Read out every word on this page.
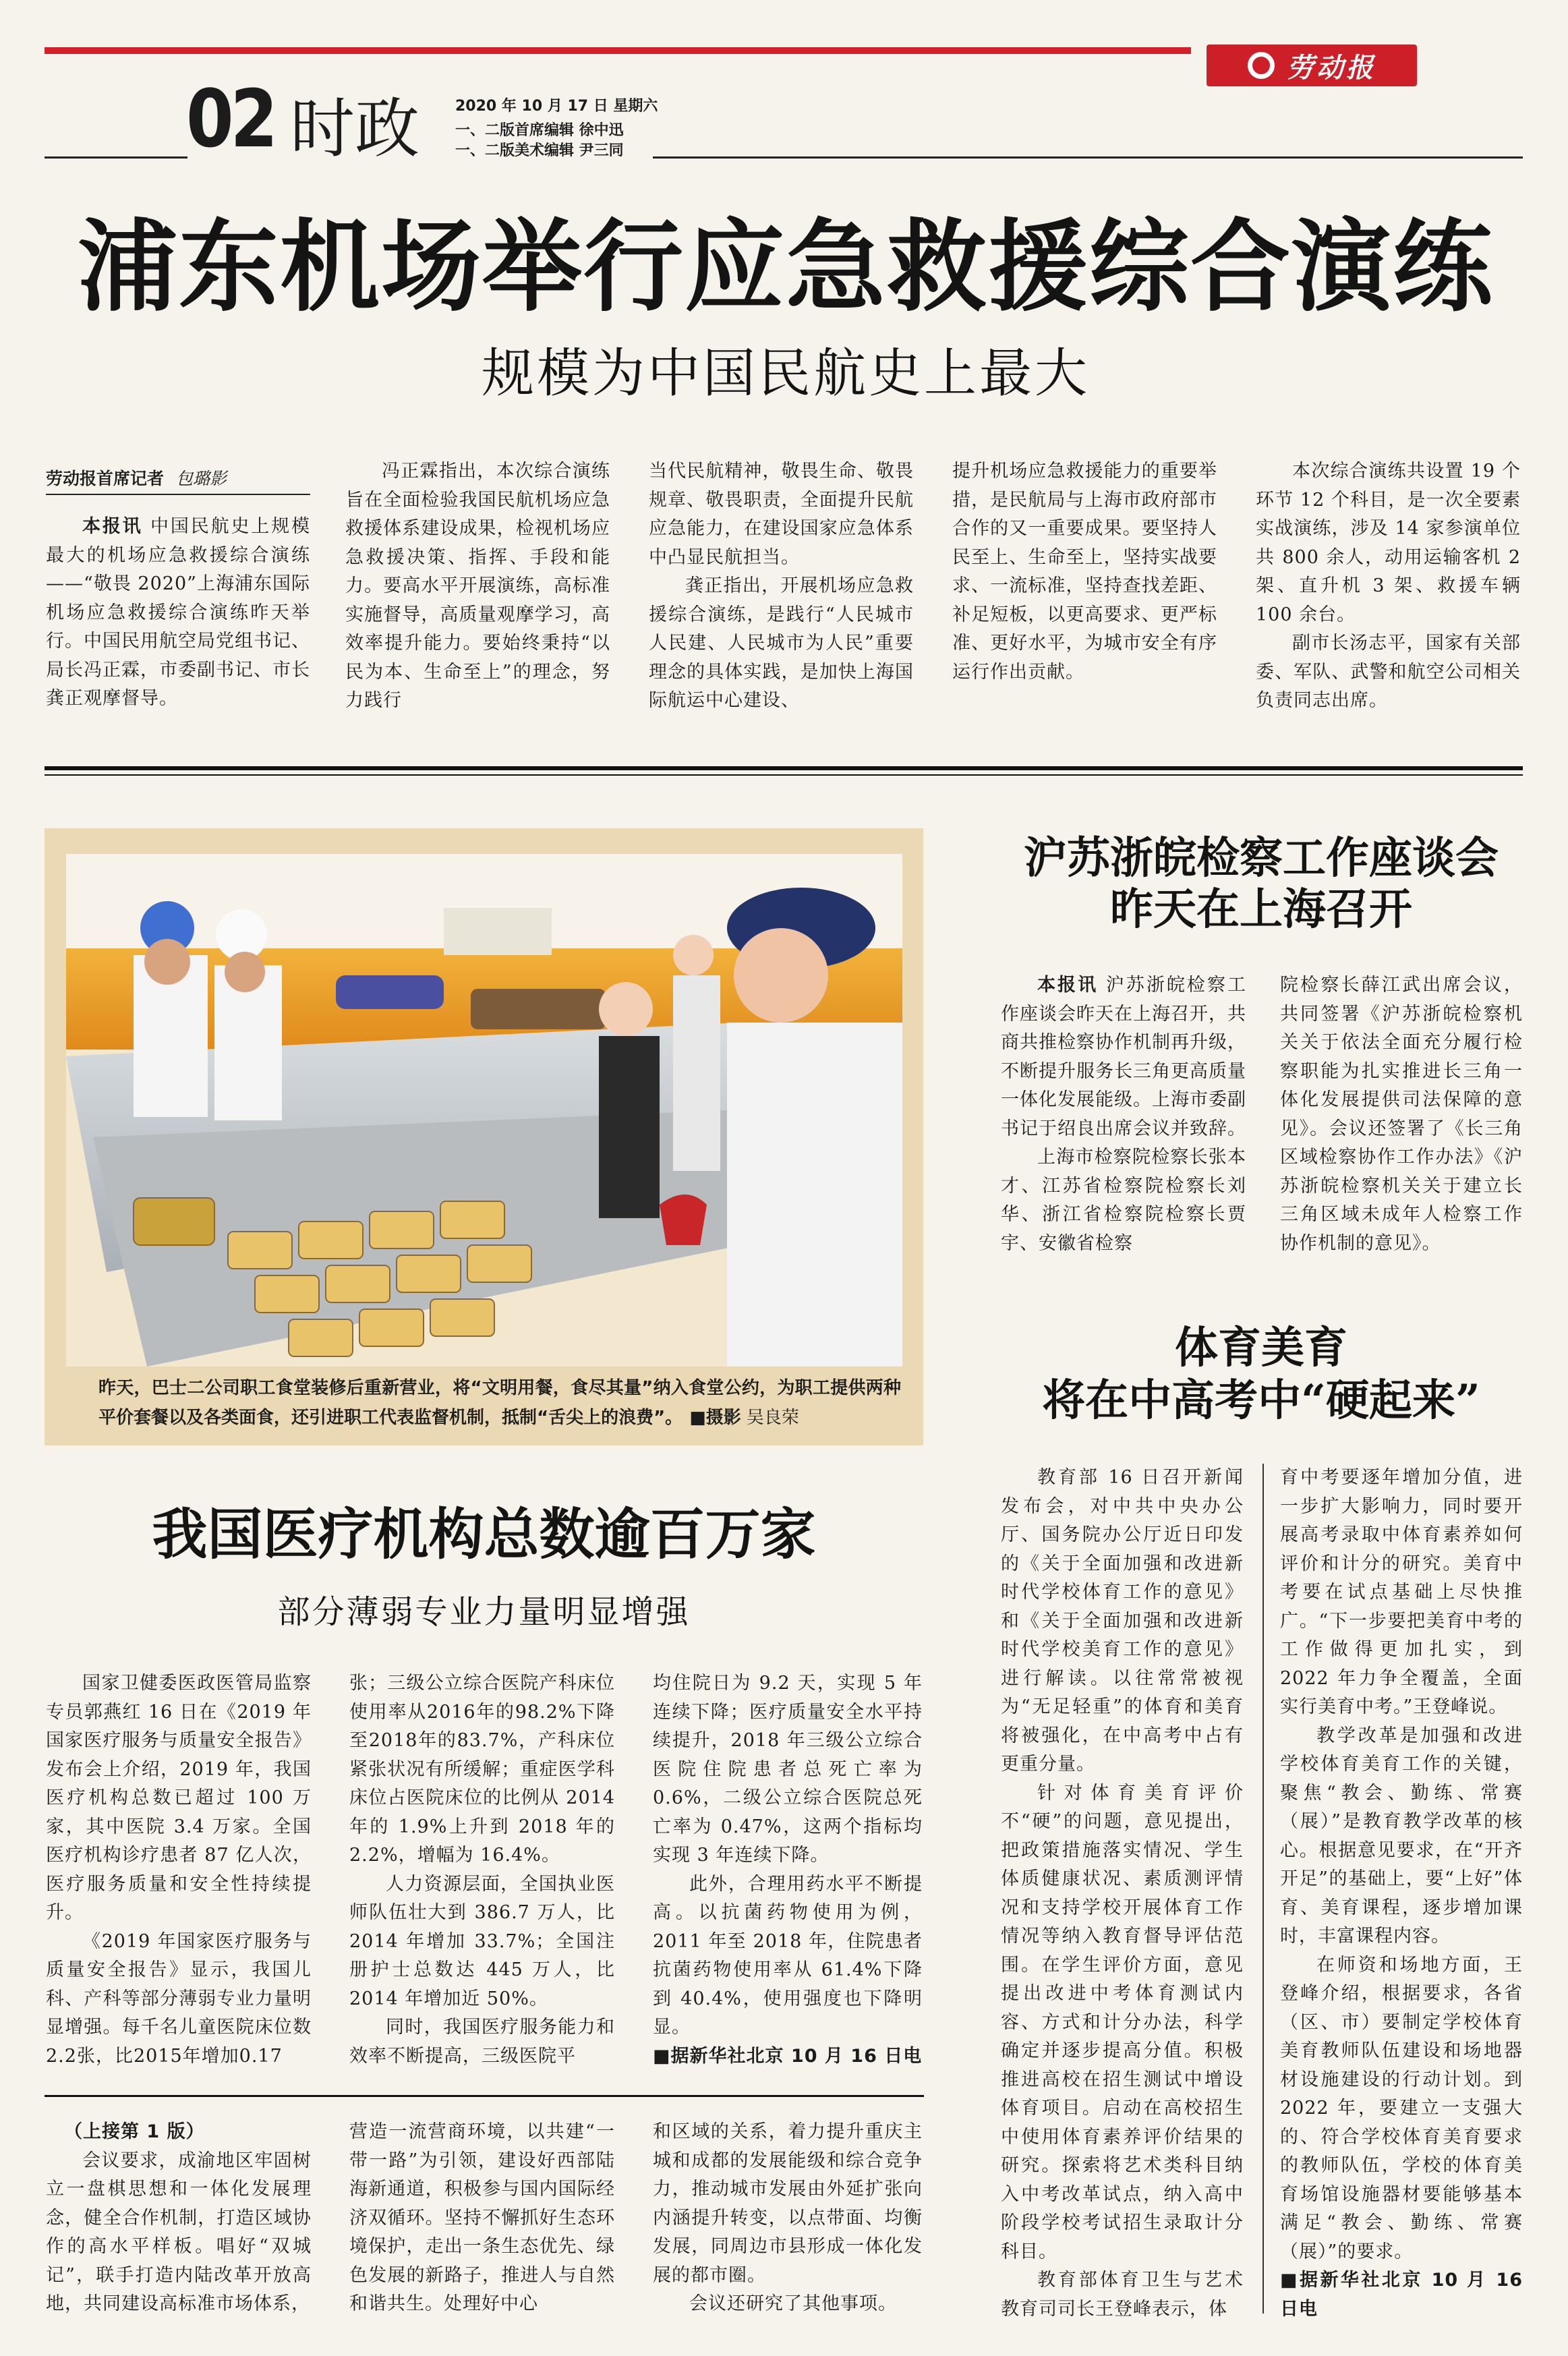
劳动报
02 时政 2020 年 10 月 17 日 星期六
一、二版首席编辑 徐中迅
一、二版美术编辑 尹三同
浦东机场举行应急救援综合演练
规模为中国民航史上最大
劳动报首席记者 包璐影

本报讯 中国民航史上规模最大的机场应急救援综合演练——“敬畏 2020”上海浦东国际机场应急救援综合演练昨天举行。中国民用航空局党组书记、局长冯正霖，市委副书记、市长龚正观摩督导。

冯正霖指出，本次综合演练旨在全面检验我国民航机场应急救援体系建设成果，检视机场应急救援决策、指挥、手段和能力。要高水平开展演练，高标准实施督导，高质量观摩学习，高效率提升能力。要始终秉持“以民为本、生命至上”的理念，努力践行

当代民航精神，敬畏生命、敬畏规章、敬畏职责，全面提升民航应急能力，在建设国家应急体系中凸显民航担当。

龚正指出，开展机场应急救援综合演练，是践行“人民城市人民建、人民城市为人民”重要理念的具体实践，是加快上海国际航运中心建设、

提升机场应急救援能力的重要举措，是民航局与上海市政府部市合作的又一重要成果。要坚持人民至上、生命至上，坚持实战要求、一流标准，坚持查找差距、补足短板，以更高要求、更严标准、更好水平，为城市安全有序运行作出贡献。

本次综合演练共设置 19 个环节 12 个科目，是一次全要素实战演练，涉及 14 家参演单位共 800 余人，动用运输客机 2 架、直升机 3 架、救援车辆 100 余台。

副市长汤志平，国家有关部委、军队、武警和航空公司相关负责同志出席。

昨天，巴士二公司职工食堂装修后重新营业，将“文明用餐，食尽其量”纳入食堂公约，为职工提供两种平价套餐以及各类面食，还引进职工代表监督机制，抵制“舌尖上的浪费”。 ■摄影 吴良荣
沪苏浙皖检察工作座谈会
昨天在上海召开

本报讯 沪苏浙皖检察工作座谈会昨天在上海召开，共商共推检察协作机制再升级，不断提升服务长三角更高质量一体化发展能级。上海市委副书记于绍良出席会议并致辞。

上海市检察院检察长张本才、江苏省检察院检察长刘华、浙江省检察院检察长贾宇、安徽省检察

院检察长薛江武出席会议，共同签署《沪苏浙皖检察机关关于依法全面充分履行检察职能为扎实推进长三角一体化发展提供司法保障的意见》。会议还签署了《长三角区域检察协作工作办法》《沪苏浙皖检察机关关于建立长三角区域未成年人检察工作协作机制的意见》。

体育美育
将在中高考中“硬起来”

教育部 16 日召开新闻发布会，对中共中央办公厅、国务院办公厅近日印发的《关于全面加强和改进新时代学校体育工作的意见》和《关于全面加强和改进新时代学校美育工作的意见》进行解读。以往常常被视为“无足轻重”的体育和美育将被强化，在中高考中占有更重分量。

针对体育美育评价不“硬”的问题，意见提出，把政策措施落实情况、学生体质健康状况、素质测评情况和支持学校开展体育工作情况等纳入教育督导评估范围。在学生评价方面，意见提出改进中考体育测试内容、方式和计分办法，科学确定并逐步提高分值。积极推进高校在招生测试中增设体育项目。启动在高校招生中使用体育素养评价结果的研究。探索将艺术类科目纳入中考改革试点，纳入高中阶段学校考试招生录取计分科目。

教育部体育卫生与艺术教育司司长王登峰表示，体

育中考要逐年增加分值，进一步扩大影响力，同时要开展高考录取中体育素养如何评价和计分的研究。美育中考要在试点基础上尽快推广。“下一步要把美育中考的工作做得更加扎实，到 2022 年力争全覆盖，全面实行美育中考。”王登峰说。

教学改革是加强和改进学校体育美育工作的关键，聚焦“教会、勤练、常赛（展）”是教育教学改革的核心。根据意见要求，在“开齐开足”的基础上，要“上好”体育、美育课程，逐步增加课时，丰富课程内容。

在师资和场地方面，王登峰介绍，根据要求，各省（区、市）要制定学校体育美育教师队伍建设和场地器材设施建设的行动计划。到 2022 年，要建立一支强大的、符合学校体育美育要求的教师队伍，学校的体育美育场馆设施器材要能够基本满足“教会、勤练、常赛（展）”的要求。

■据新华社北京 10 月 16 日电

我国医疗机构总数逾百万家
部分薄弱专业力量明显增强

国家卫健委医政医管局监察专员郭燕红 16 日在《2019 年国家医疗服务与质量安全报告》发布会上介绍，2019 年，我国医疗机构总数已超过 100 万家，其中医院 3.4 万家。全国医疗机构诊疗患者 87 亿人次，医疗服务质量和安全性持续提升。

《2019 年国家医疗服务与质量安全报告》显示，我国儿科、产科等部分薄弱专业力量明显增强。每千名儿童医院床位数2.2张，比2015年增加0.17

张；三级公立综合医院产科床位使用率从2016年的98.2%下降至2018年的83.7%，产科床位紧张状况有所缓解；重症医学科床位占医院床位的比例从 2014 年的 1.9%上升到 2018 年的 2.2%，增幅为 16.4%。

人力资源层面，全国执业医师队伍壮大到 386.7 万人，比 2014 年增加 33.7%；全国注册护士总数达 445 万人，比 2014 年增加近 50%。

同时，我国医疗服务能力和效率不断提高，三级医院平

均住院日为 9.2 天，实现 5 年连续下降；医疗质量安全水平持续提升，2018 年三级公立综合医院住院患者总死亡率为 0.6%，二级公立综合医院总死亡率为 0.47%，这两个指标均实现 3 年连续下降。

此外，合理用药水平不断提高。以抗菌药物使用为例，2011 年至 2018 年，住院患者抗菌药物使用率从 61.4%下降到 40.4%，使用强度也下降明显。

■据新华社北京 10 月 16 日电

（上接第 1 版）

会议要求，成渝地区牢固树立一盘棋思想和一体化发展理念，健全合作机制，打造区域协作的高水平样板。唱好“双城记”，联手打造内陆改革开放高地，共同建设高标准市场体系，

营造一流营商环境，以共建“一带一路”为引领，建设好西部陆海新通道，积极参与国内国际经济双循环。坚持不懈抓好生态环境保护，走出一条生态优先、绿色发展的新路子，推进人与自然和谐共生。处理好中心

和区域的关系，着力提升重庆主城和成都的发展能级和综合竞争力，推动城市发展由外延扩张向内涵提升转变，以点带面、均衡发展，同周边市县形成一体化发展的都市圈。

会议还研究了其他事项。
